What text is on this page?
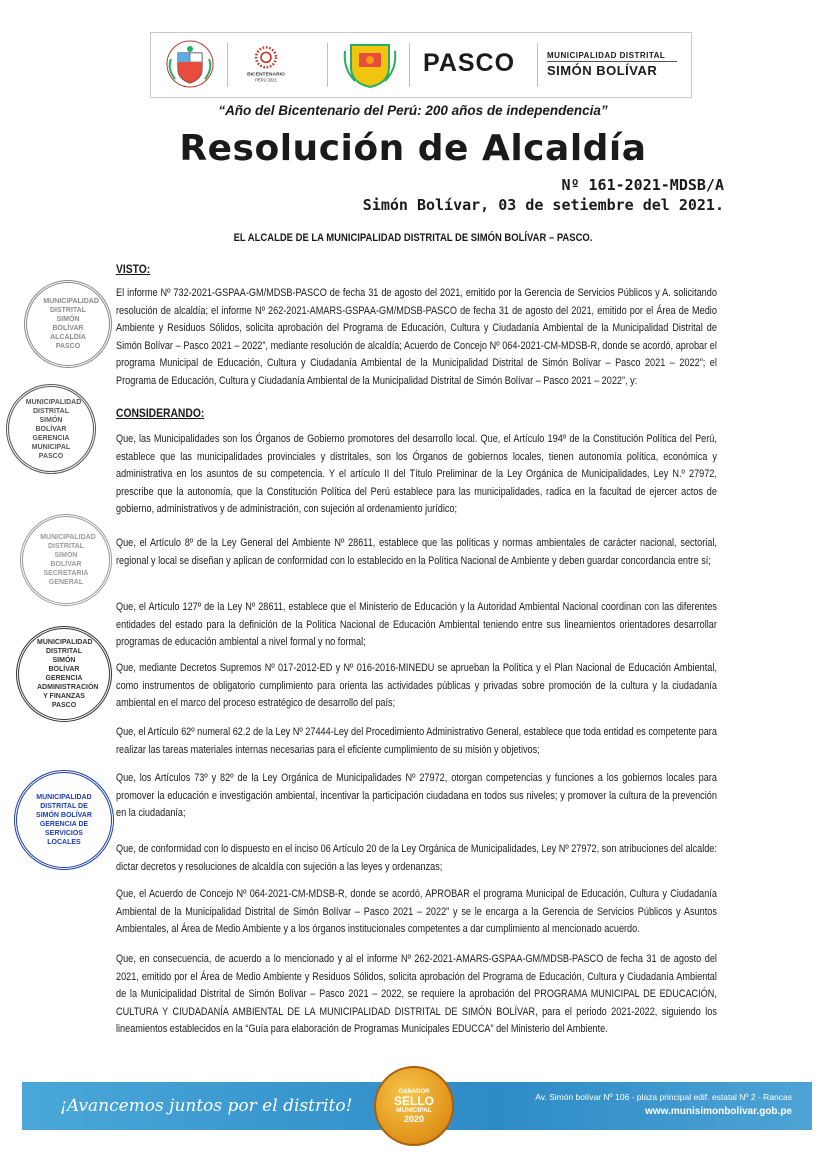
BICENTENARIO
PERÚ 2021
PASCO	MUNICIPALIDAD DISTRITAL
SIMÓN BOLÍVAR
“Año del Bicentenario del Perú: 200 años de independencia”
Resolución de Alcaldía
Nº 161-2021-MDSB/A
Simón Bolívar, 03 de setiembre del 2021.
EL ALCALDE DE LA MUNICIPALIDAD DISTRITAL DE SIMÓN BOLÍVAR – PASCO.
VISTO:
El informe Nº 732-2021-GSPAA-GM/MDSB-PASCO de fecha 31 de agosto del 2021, emitido por la Gerencia de Servicios Públicos y A. solicitando resolución de alcaldía; el informe Nº 262-2021-AMARS-GSPAA-GM/MDSB-PASCO de fecha 31 de agosto del 2021, emitido por el Área de Medio Ambiente y Residuos Sólidos, solicita aprobación del Programa de Educación, Cultura y Ciudadanía Ambiental de la Municipalidad Distrital de Simón Bolívar – Pasco 2021 – 2022”, mediante resolución de alcaldía; Acuerdo de Concejo Nº 064-2021-CM-MDSB-R, donde se acordó, aprobar el programa Municipal de Educación, Cultura y Ciudadanía Ambiental de la Municipalidad Distrital de Simón Bolívar – Pasco 2021 – 2022”; el Programa de Educación, Cultura y Ciudadanía Ambiental de la Municipalidad Distrital de Simón Bolívar – Pasco 2021 – 2022”, y:
CONSIDERANDO:
Que, las Municipalidades son los Órganos de Gobierno promotores del desarrollo local. Que, el Artículo 194º de la Constitución Política del Perú, establece que las municipalidades provinciales y distritales, son los Órganos de gobiernos locales, tienen autonomía política, económica y administrativa en los asuntos de su competencia. Y el artículo II del Título Preliminar de la Ley Orgánica de Municipalidades, Ley N.º 27972, prescribe que la autonomía, que la Constitución Política del Perú establece para las municipalidades, radica en la facultad de ejercer actos de gobierno, administrativos y de administración, con sujeción al ordenamiento jurídico;
Que, el Artículo 8º de la Ley General del Ambiente Nº 28611, establece que las políticas y normas ambientales de carácter nacional, sectorial, regional y local se diseñan y aplican de conformidad con lo establecido en la Política Nacional de Ambiente y deben guardar concordancia entre sí;
Que, el Artículo 127º de la Ley Nº 28611, establece que el Ministerio de Educación y la Autoridad Ambiental Nacional coordinan con las diferentes entidades del estado para la definición de la Política Nacional de Educación Ambiental teniendo entre sus lineamientos orientadores desarrollar programas de educación ambiental a nivel formal y no formal;
Que, mediante Decretos Supremos Nº 017-2012-ED y Nº 016-2016-MINEDU se aprueban la Política y el Plan Nacional de Educación Ambiental, como instrumentos de obligatorio cumplimiento para orienta las actividades públicas y privadas sobre promoción de la cultura y la ciudadanía ambiental en el marco del proceso estratégico de desarrollo del país;
Que, el Artículo 62º numeral 62.2 de la Ley Nº 27444-Ley del Procedimiento Administrativo General, establece que toda entidad es competente para realizar las tareas materiales internas necesarias para el eficiente cumplimiento de su misión y objetivos;
Que, los Artículos 73º y 82º de la Ley Orgánica de Municipalidades Nº 27972, otorgan competencias y funciones a los gobiernos locales para promover la educación e investigación ambiental, incentivar la participación ciudadana en todos sus niveles; y promover la cultura de la prevención en la ciudadanía;
Que, de conformidad con lo dispuesto en el inciso 06 Artículo 20 de la Ley Orgánica de Municipalidades, Ley Nº 27972, son atribuciones del alcalde: dictar decretos y resoluciones de alcaldía con sujeción a las leyes y ordenanzas;
Que, el Acuerdo de Concejo Nº 064-2021-CM-MDSB-R, donde se acordó, APROBAR el programa Municipal de Educación, Cultura y Ciudadanía Ambiental de la Municipalidad Distrital de Simón Bolívar – Pasco 2021 – 2022” y se le encarga a la Gerencia de Servicios Públicos y Asuntos Ambientales, al Área de Medio Ambiente y a los órganos institucionales competentes a dar cumplimiento al mencionado acuerdo.
Que, en consecuencia, de acuerdo a lo mencionado y al el informe Nº 262-2021-AMARS-GSPAA-GM/MDSB-PASCO de fecha 31 de agosto del 2021, emitido por el Área de Medio Ambiente y Residuos Sólidos, solicita aprobación del Programa de Educación, Cultura y Ciudadanía Ambiental de la Municipalidad Distrital de Simón Bolívar – Pasco 2021 – 2022, se requiere la aprobación del PROGRAMA MUNICIPAL DE EDUCACIÓN, CULTURA Y CIUDADANÍA AMBIENTAL DE LA MUNICIPALIDAD DISTRITAL DE SIMÓN BOLÍVAR, para el periodo 2021-2022, siguiendo los lineamientos establecidos en la “Guía para elaboración de Programas Municipales EDUCCA” del Ministerio del Ambiente.
MUNICIPALIDAD DISTRITAL SIMÓN BOLÍVAR ALCALDÍA PASCO
MUNICIPALIDAD DISTRITAL SIMÓN BOLÍVAR GERENCIA MUNICIPAL PASCO
MUNICIPALIDAD DISTRITAL SIMÓN BOLÍVAR SECRETARIA GENERAL
MUNICIPALIDAD DISTRITAL SIMÓN BOLÍVAR GERENCIA ADMINISTRACIÓN Y FINANZAS PASCO
MUNICIPALIDAD DISTRITAL DE SIMÓN BOLÍVAR GERENCIA DE SERVICIOS LOCALES
¡Avancemos juntos por el distrito!	Av. Simón bolívar Nº 106 - plaza principal edif. estatal Nº 2 - Rancas
www.munisimonbolivar.gob.pe
GANADOR
SELLO
MUNICIPAL
2020
